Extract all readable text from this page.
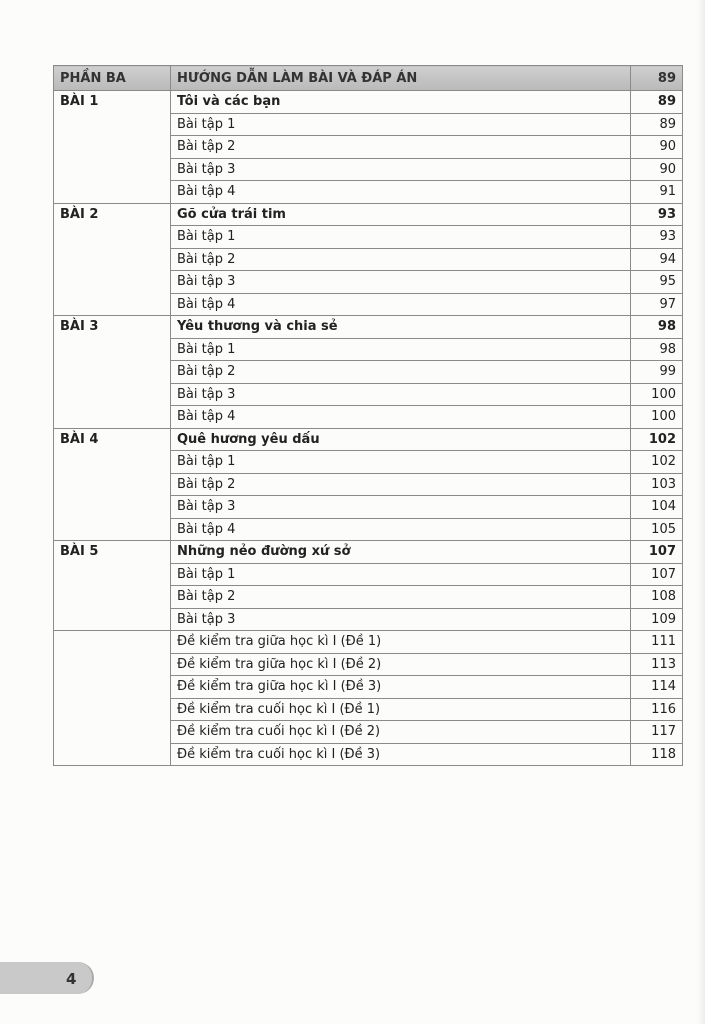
PHẦN BA	HƯỚNG DẪN LÀM BÀI VÀ ĐÁP ÁN	89
BÀI 1	Tôi và các bạn	89
	Bài tập 1	89
	Bài tập 2	90
	Bài tập 3	90
	Bài tập 4	91
BÀI 2	Gõ cửa trái tim	93
	Bài tập 1	93
	Bài tập 2	94
	Bài tập 3	95
	Bài tập 4	97
BÀI 3	Yêu thương và chia sẻ	98
	Bài tập 1	98
	Bài tập 2	99
	Bài tập 3	100
	Bài tập 4	100
BÀI 4	Quê hương yêu dấu	102
	Bài tập 1	102
	Bài tập 2	103
	Bài tập 3	104
	Bài tập 4	105
BÀI 5	Những nẻo đường xứ sở	107
	Bài tập 1	107
	Bài tập 2	108
	Bài tập 3	109
	Đề kiểm tra giữa học kì I (Đề 1)	111
	Đề kiểm tra giữa học kì I (Đề 2)	113
	Đề kiểm tra giữa học kì I (Đề 3)	114
	Đề kiểm tra cuối học kì I (Đề 1)	116
	Đề kiểm tra cuối học kì I (Đề 2)	117
	Đề kiểm tra cuối học kì I (Đề 3)	118
4
